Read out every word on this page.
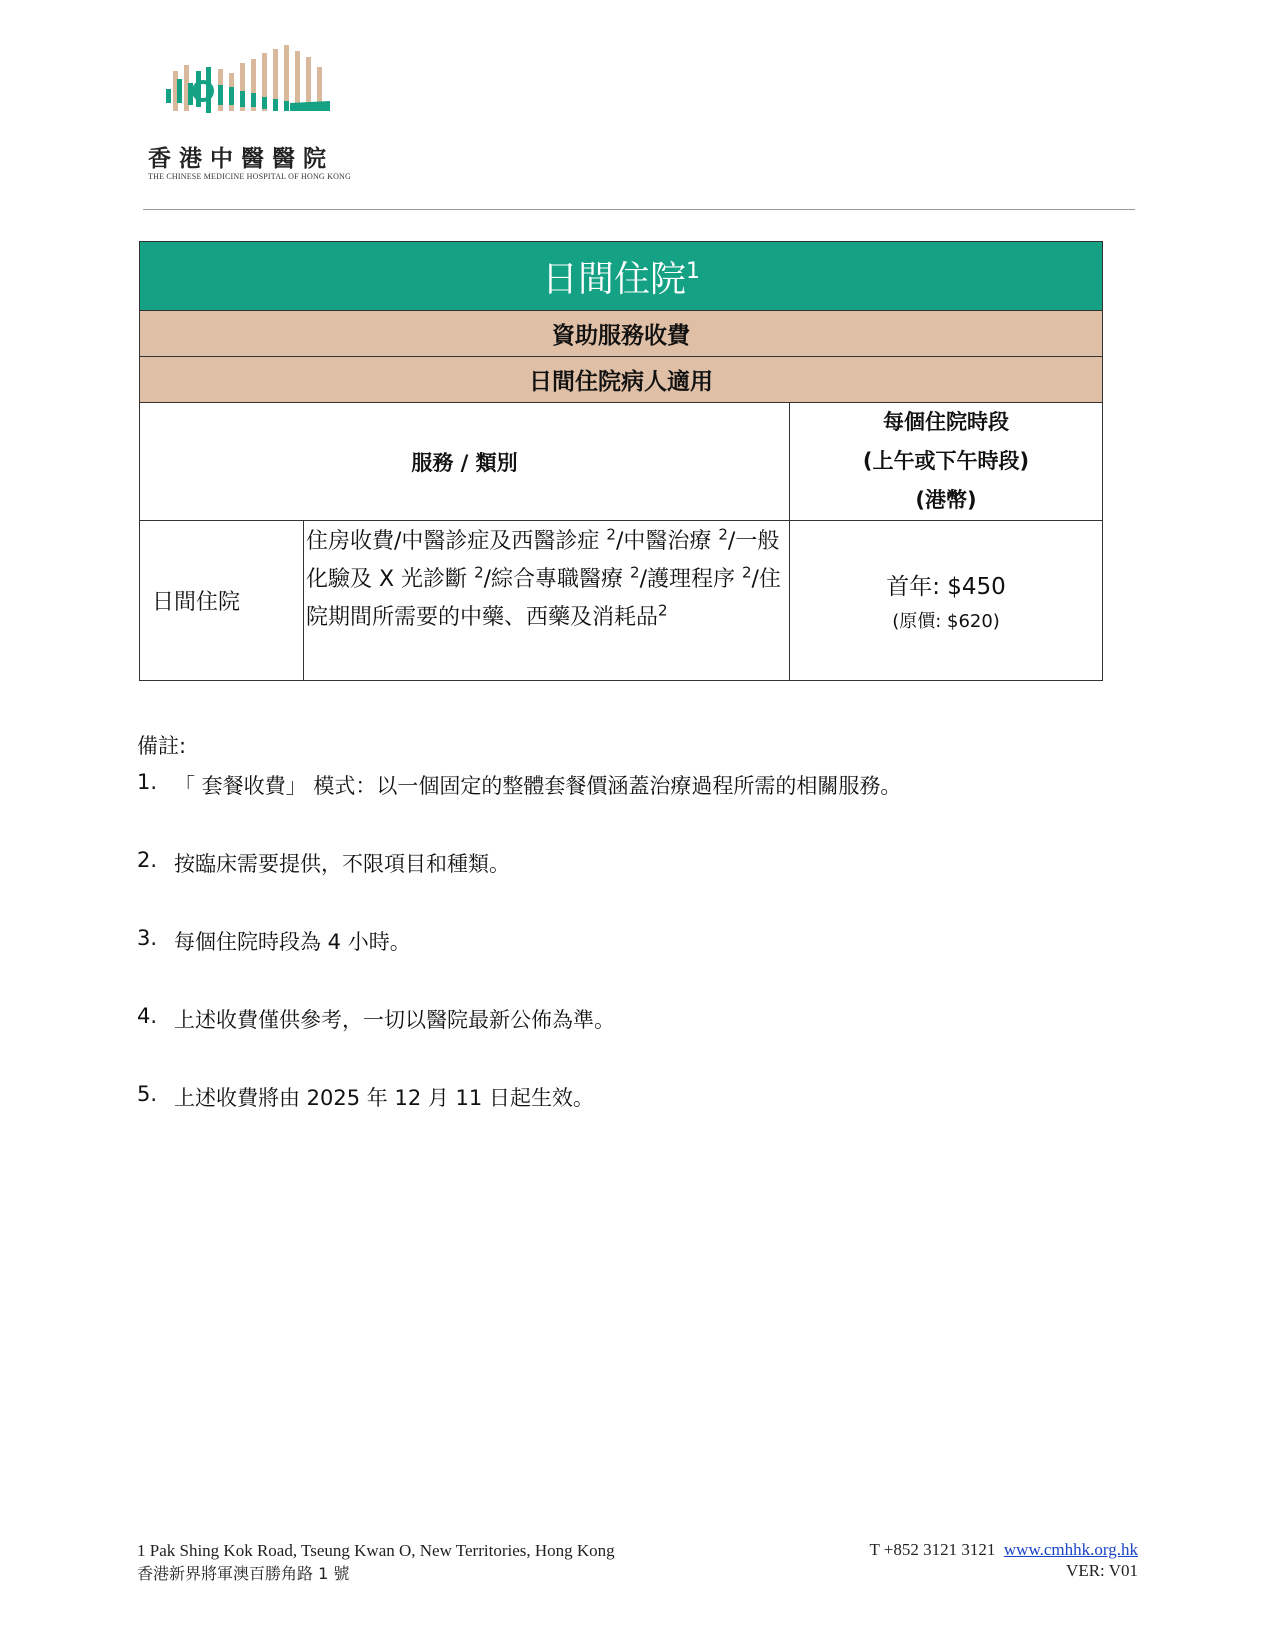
香港中醫醫院
THE CHINESE MEDICINE HOSPITAL OF HONG KONG
日間住院$^1$
資助服務收費		
日間住院病人適用		
服務 / 類別		每個住院時段
(上午或下午時段)
(港幣)

日間住院	住房收費/中醫診症及西醫診症 $^2$/中醫治療 $^2$/一般化驗及 X 光診斷 $^2$/綜合專職醫療 $^2$/護理程序 $^2$/住院期間所需要的中藥、西藥及消耗品$^2$	首年: $450
(原價: $620)
備註:
1. 「 套餐收費」 模式：以一個固定的整體套餐價涵蓋治療過程所需的相關服務。
2. 按臨床需要提供，不限項目和種類。
3. 每個住院時段為 4 小時。
4. 上述收費僅供參考，一切以醫院最新公佈為準。
5. 上述收費將由 2025 年 12 月 11 日起生效。
1 Pak Shing Kok Road, Tseung Kwan O, New Territories, Hong Kong
香港新界將軍澳百勝角路 1 號
T +852 3121 3121 www.cmhhk.org.hk
VER: V01
